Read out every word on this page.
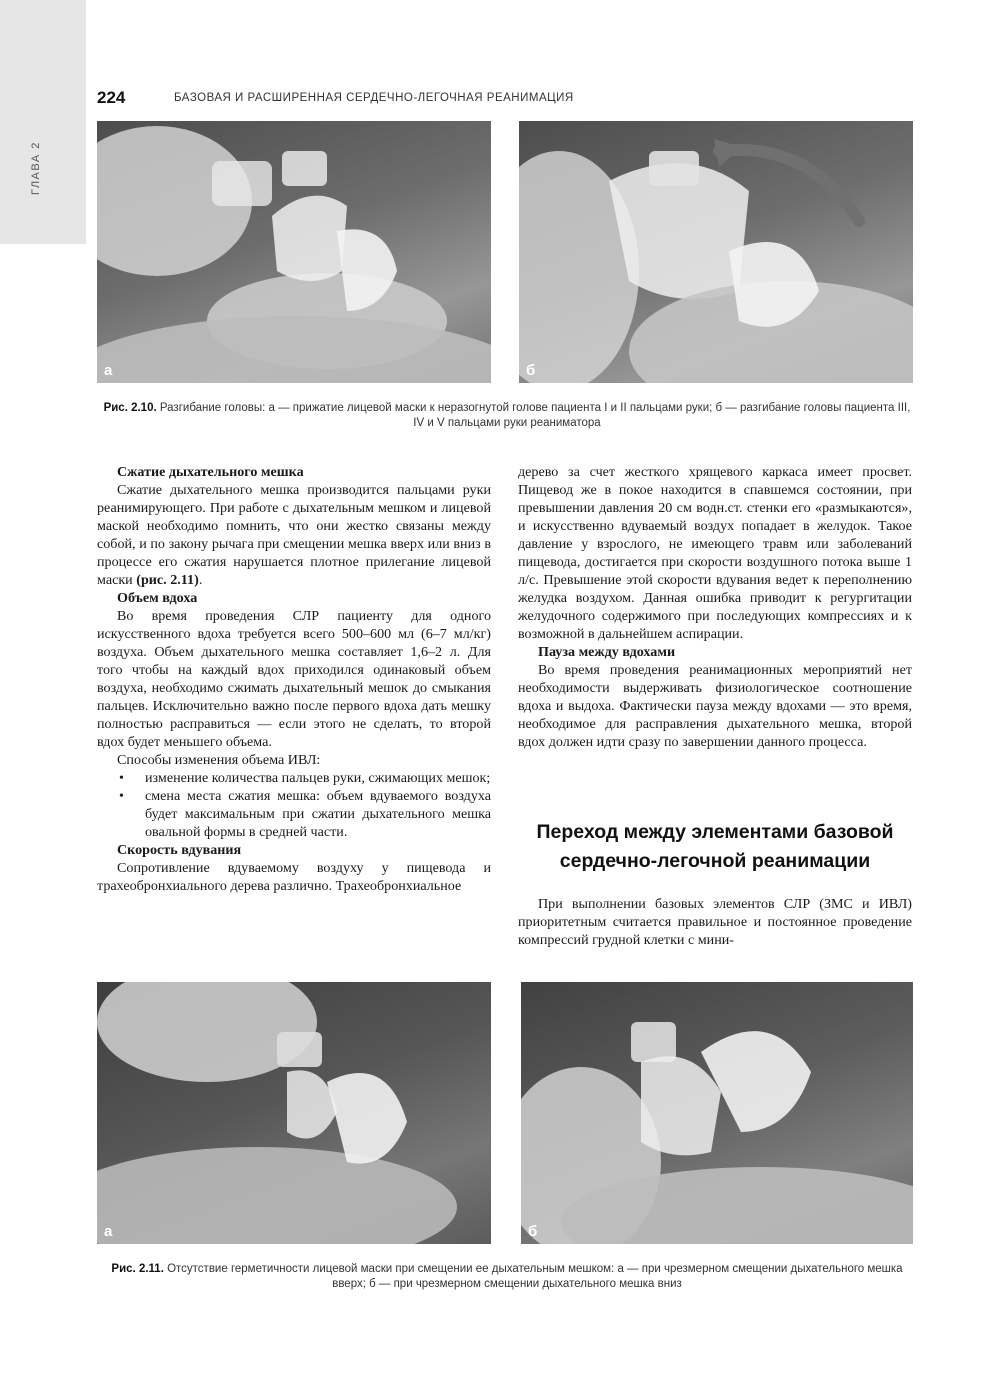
ГЛАВА 2
224	БАЗОВАЯ И РАСШИРЕННАЯ СЕРДЕЧНО-ЛЕГОЧНАЯ РЕАНИМАЦИЯ
а	б
Рис. 2.10. Разгибание головы: а — прижатие лицевой маски к неразогнутой голове пациента I и II пальцами руки; б — разгибание головы пациента III, IV и V пальцами руки реаниматора
Сжатие дыхательного мешка

Сжатие дыхательного мешка производится пальцами руки реанимирующего. При работе с дыхательным мешком и лицевой маской необходимо помнить, что они жестко связаны между собой, и по закону рычага при смещении мешка вверх или вниз в процессе его сжатия нарушается плотное прилегание лицевой маски (рис. 2.11).

Объем вдоха

Во время проведения СЛР пациенту для одного искусственного вдоха требуется всего 500–600 мл (6–7 мл/кг) воздуха. Объем дыхательного мешка составляет 1,6–2 л. Для того чтобы на каждый вдох приходился одинаковый объем воздуха, необходимо сжимать дыхательный мешок до смыкания пальцев. Исключительно важно после первого вдоха дать мешку полностью расправиться — если этого не сделать, то второй вдох будет меньшего объема.

Способы изменения объема ИВЛ:

• изменение количества пальцев руки, сжимающих мешок;
• смена места сжатия мешка: объем вдуваемого воздуха будет максимальным при сжатии дыхательного мешка овальной формы в средней части.
Скорость вдувания

Сопротивление вдуваемому воздуху у пищевода и трахеобронхиального дерева различно. Трахеобронхиальное

дерево за счет жесткого хрящевого каркаса имеет просвет. Пищевод же в покое находится в спавшемся состоянии, при превышении давления 20 см водн.ст. стенки его «размыкаются», и искусственно вдуваемый воздух попадает в желудок. Такое давление у взрослого, не имеющего травм или заболеваний пищевода, достигается при скорости воздушного потока выше 1 л/с. Превышение этой скорости вдувания ведет к переполнению желудка воздухом. Данная ошибка приводит к регургитации желудочного содержимого при последующих компрессиях и к возможной в дальнейшем аспирации.

Пауза между вдохами

Во время проведения реанимационных мероприятий нет необходимости выдерживать физиологическое соотношение вдоха и выдоха. Фактически пауза между вдохами — это время, необходимое для расправления дыхательного мешка, второй вдох должен идти сразу по завершении данного процесса.

Переход между элементами базовой сердечно-легочной реанимации

При выполнении базовых элементов СЛР (ЗМС и ИВЛ) приоритетным считается правильное и постоянное проведение компрессий грудной клетки с мини-

а	б
Рис. 2.11. Отсутствие герметичности лицевой маски при смещении ее дыхательным мешком: а — при чрезмерном смещении дыхательного мешка вверх; б — при чрезмерном смещении дыхательного мешка вниз
